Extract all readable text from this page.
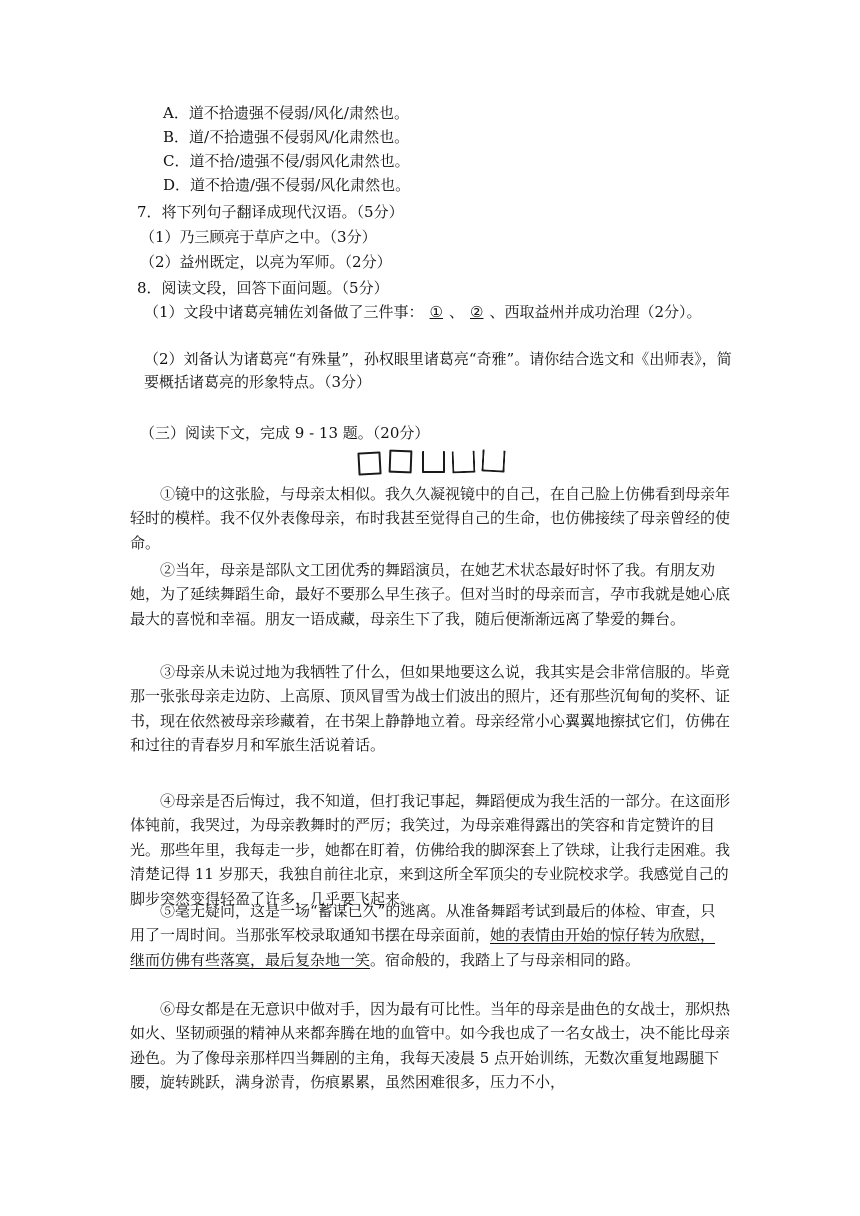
A．道不拾遗强不侵弱/风化/肃然也。
B．道/不拾遗强不侵弱风/化肃然也。
C．道不拾/遗强不侵/弱风化肃然也。
D．道不拾遗/强不侵弱/风化肃然也。
7．将下列句子翻译成现代汉语。（5分）
（1）乃三顾亮于草庐之中。（3分）
（2）益州既定，以亮为军师。（2分）
8．阅读文段，回答下面问题。（5分）
（1）文段中诸葛亮辅佐刘备做了三件事： ① 、 ② 、西取益州并成功治理（2分）。
（2）刘备认为诸葛亮“有殊量”，孙权眼里诸葛亮“奇雅”。请你结合选文和《出师表》，简要概括诸葛亮的形象特点。（3分）
（三）阅读下文，完成 9 - 13 题。（20分）
①镜中的这张脸，与母亲太相似。我久久凝视镜中的自己，在自己脸上仿佛看到母亲年轻时的模样。我不仅外表像母亲，布时我甚至觉得自己的生命，也仿佛接续了母亲曾经的使命。
②当年，母亲是部队文工团优秀的舞蹈演员，在她艺术状态最好时怀了我。有朋友劝她，为了延续舞蹈生命，最好不要那么早生孩子。但对当时的母亲而言，孕市我就是她心底最大的喜悦和幸福。朋友一语成藏，母亲生下了我，随后便渐渐远离了挚爱的舞台。
③母亲从未说过地为我牺牲了什么，但如果地要这么说，我其实是会非常信服的。毕竟那一张张母亲走边防、上高原、顶风冒雪为战士们波出的照片，还有那些沉甸甸的奖杯、证书，现在依然被母亲珍藏着，在书架上静静地立着。母亲经常小心翼翼地擦拭它们，仿佛在和过往的青春岁月和军旅生活说着话。
④母亲是否后悔过，我不知道，但打我记事起，舞蹈便成为我生活的一部分。在这面形体钝前，我哭过，为母亲教舞时的严厉；我笑过，为母亲难得露出的笑容和肯定赞许的目光。那些年里，我每走一步，她都在盯着，仿佛给我的脚深套上了铁球，让我行走困难。我清楚记得 11 岁那天，我独自前往北京，来到这所全军顶尖的专业院校求学。我感觉自己的脚步突然变得轻盈了许多，几乎要飞起来。
⑤毫无疑问，这是一场“蓄谋已久”的逃离。从准备舞蹈考试到最后的体检、审查，只用了一周时间。当那张军校录取通知书摆在母亲面前，她的表情由开始的惊仔转为欣慰，继而仿佛有些落寞，最后复杂地一笑。宿命般的，我踏上了与母亲相同的路。
⑥母女都是在无意识中做对手，因为最有可比性。当年的母亲是曲色的女战士，那炽热如火、坚韧顽强的精神从来都奔腾在地的血管中。如今我也成了一名女战士，决不能比母亲逊色。为了像母亲那样四当舞剧的主角，我每天凌晨 5 点开始训练，无数次重复地踢腿下腰，旋转跳跃，满身淤青，伤痕累累，虽然困难很多，压力不小，
